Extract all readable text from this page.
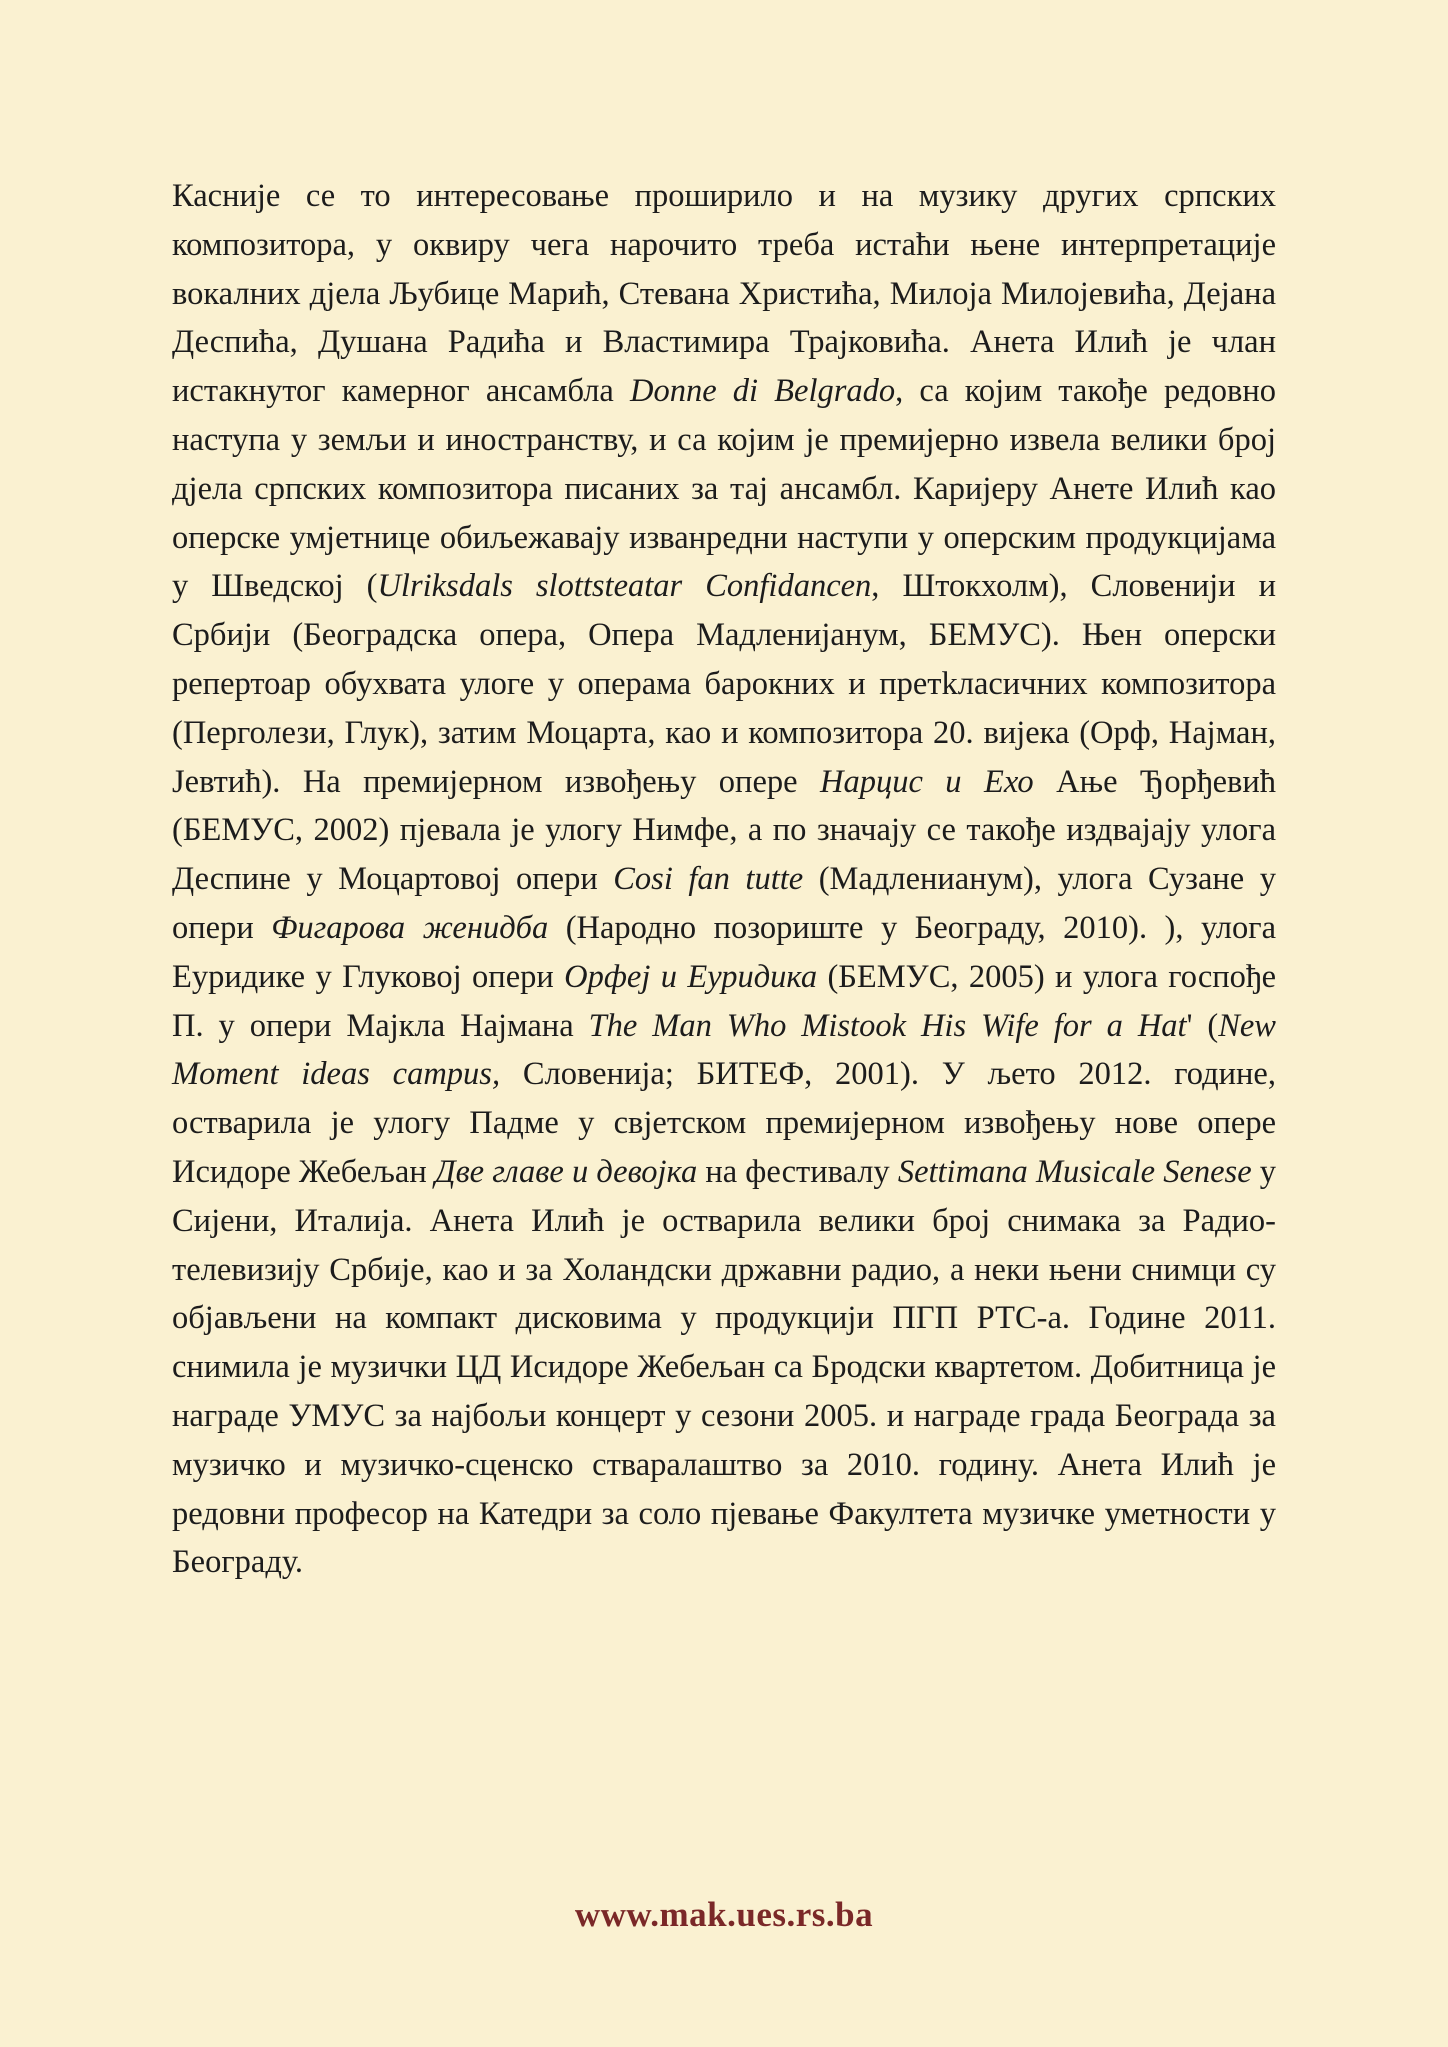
Касније се то интересовање проширило и на музику других српских композитора, у оквиру чега нарочито треба истаћи њене интерпретације вокалних дјела Љубице Марић, Стевана Христића, Милоја Милојевића, Дејана Деспића, Душана Радића и Властимира Трајковића. Анета Илић је члан истакнутог камерног ансамбла Donne di Belgrado, са којим такође редовно наступа у земљи и иностранству, и са којим је премијерно извела велики број дјела српских композитора писаних за тај ансамбл. Каријеру Анете Илић као оперске умјетнице обиљежавају изванредни наступи у оперским продукцијама у Шведској (Ulriksdals slottsteatar Confidancen, Штокхолм), Словенији и Србији (Београдска опера, Опера Мадленијанум, БЕМУС). Њен оперски репертоар обухвата улоге у операма барокних и претkласичних композитора (Перголези, Глук), затим Моцарта, као и композитора 20. вијека (Орф, Најман, Јевтић). На премијерном извођењу опере Нарцис и Ехо Ање Ђорђевић (БЕМУС, 2002) пјевала је улогу Нимфе, а по значају се такође издвајају улога Деспине у Моцартовој опери Cosi fan tutte (Мадленианум), улога Сузане у опери Фигарова женидба (Народно позориште у Београду, 2010). ), улога Еуридике у Глуковој опери Орфеј и Еуридика (БЕМУС, 2005) и улога госпође П. у опери Мајкла Најмана The Man Who Mistook His Wife for a Hat' (New Moment ideas campus, Словенија; БИТЕФ, 2001). У љето 2012. године, остварила је улогу Падме у свјетском премијерном извођењу нове опере Исидоре Жебељан Две главе и девојка на фестивалу Settimana Musicale Senese у Сијени, Италија. Анета Илић је остварила велики број снимака за Радио-телевизију Србије, као и за Холандски државни радио, а неки њени снимци су објављени на компакт дисковима у продукцији ПГП РТС-а. Године 2011. снимила је музички ЦД Исидоре Жебељан са Бродски квартетом. Добитница је награде УМУС за најбољи концерт у сезони 2005. и награде града Београда за музичко и музичко-сценско стваралаштво за 2010. годину. Анета Илић је редовни професор на Катедри за соло пјевање Факултета музичке уметности у Београду.

www.mak.ues.rs.ba
